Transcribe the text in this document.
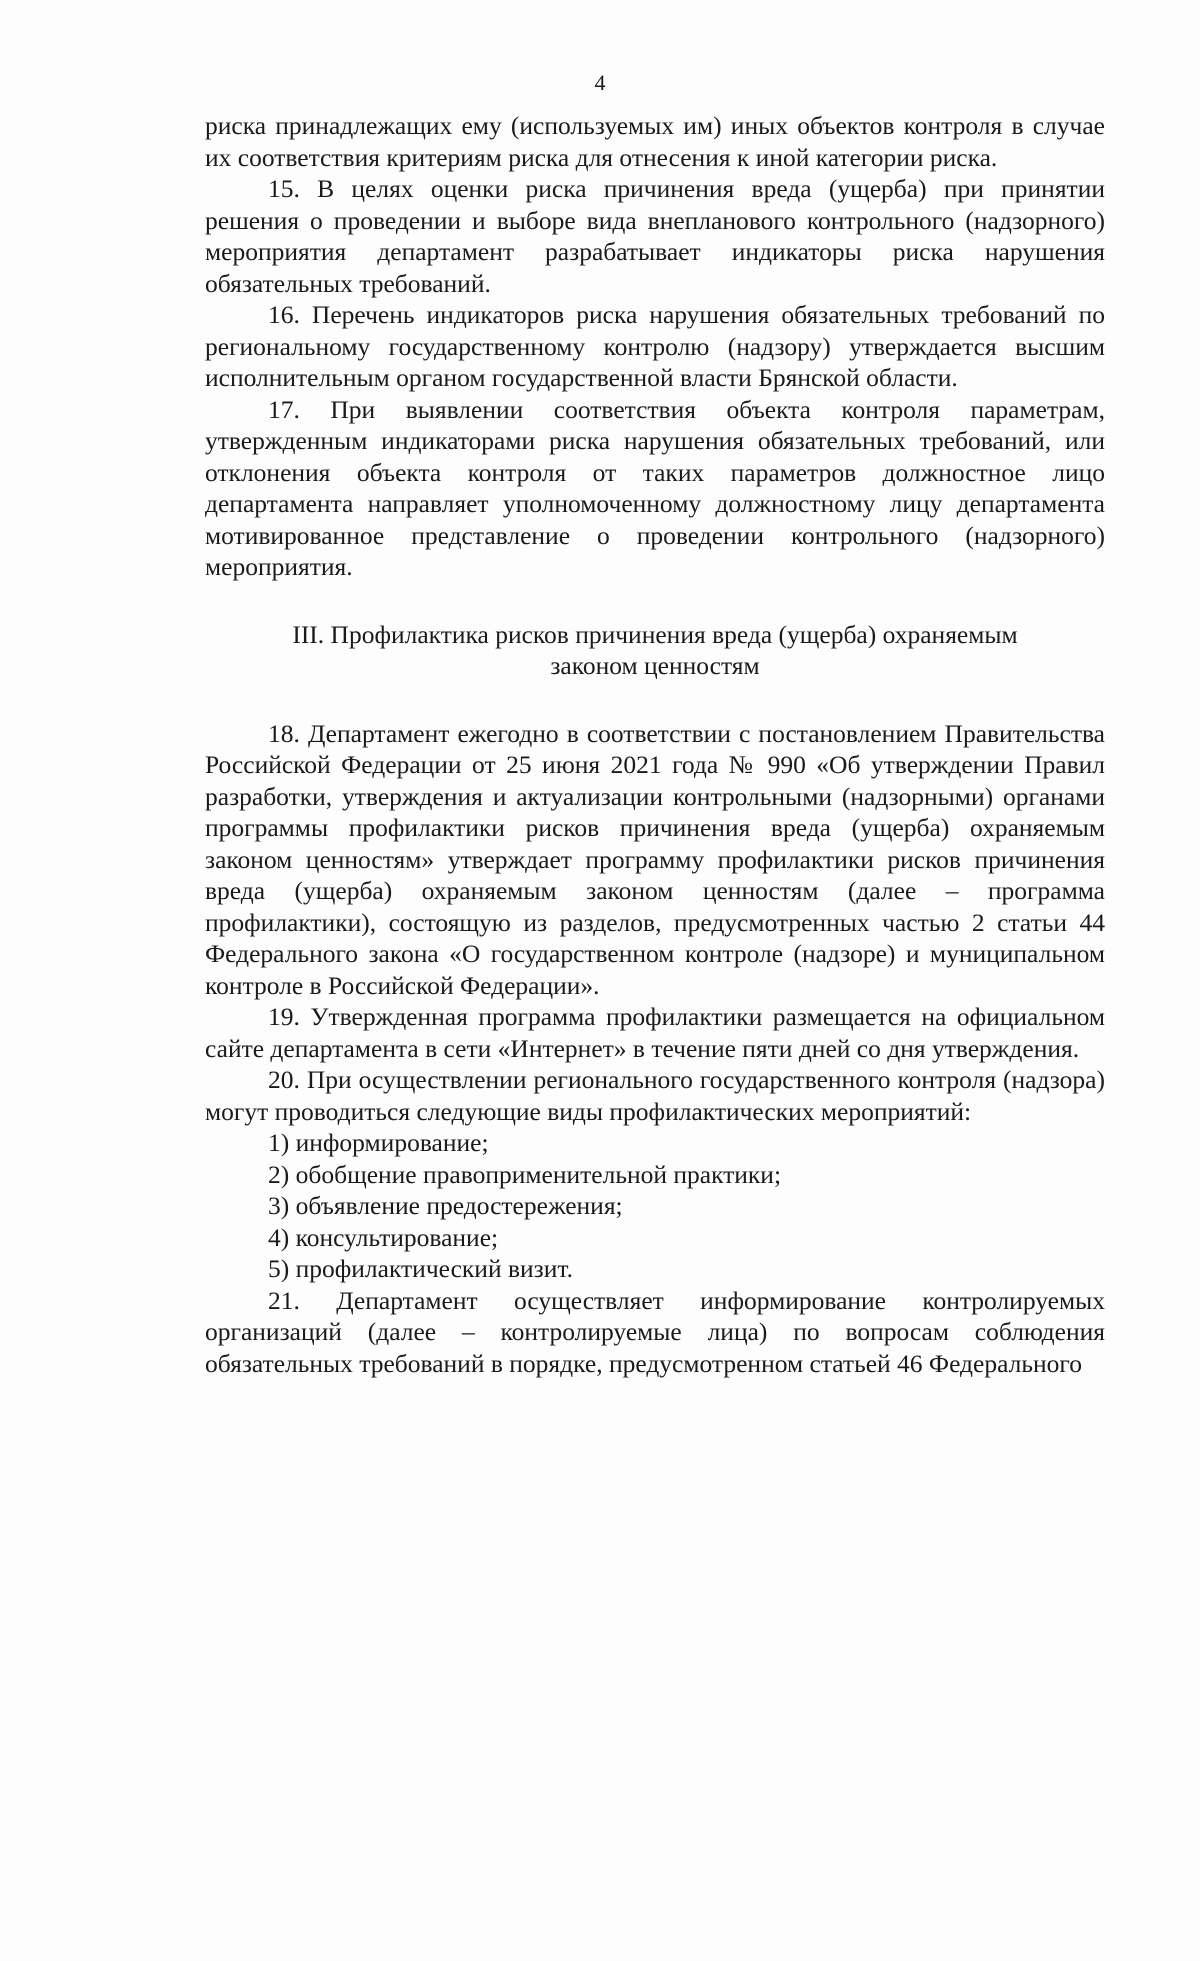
4

риска принадлежащих ему (используемых им) иных объектов контроля в случае их соответствия критериям риска для отнесения к иной категории риска.

15. В целях оценки риска причинения вреда (ущерба) при принятии решения о проведении и выборе вида внепланового контрольного (надзорного) мероприятия департамент разрабатывает индикаторы риска нарушения обязательных требований.

16. Перечень индикаторов риска нарушения обязательных требований по региональному государственному контролю (надзору) утверждается высшим исполнительным органом государственной власти Брянской области.

17. При выявлении соответствия объекта контроля параметрам, утвержденным индикаторами риска нарушения обязательных требований, или отклонения объекта контроля от таких параметров должностное лицо департамента направляет уполномоченному должностному лицу департамента мотивированное представление о проведении контрольного (надзорного) мероприятия.

III. Профилактика рисков причинения вреда (ущерба) охраняемым
законом ценностям

18. Департамент ежегодно в соответствии с постановлением Правительства Российской Федерации от 25 июня 2021 года № 990 «Об утверждении Правил разработки, утверждения и актуализации контрольными (надзорными) органами программы профилактики рисков причинения вреда (ущерба) охраняемым законом ценностям» утверждает программу профилактики рисков причинения вреда (ущерба) охраняемым законом ценностям (далее – программа профилактики), состоящую из разделов, предусмотренных частью 2 статьи 44 Федерального закона «О государственном контроле (надзоре) и муниципальном контроле в Российской Федерации».

19. Утвержденная программа профилактики размещается на официальном сайте департамента в сети «Интернет» в течение пяти дней со дня утверждения.

20. При осуществлении регионального государственного контроля (надзора) могут проводиться следующие виды профилактических мероприятий:

1) информирование;

2) обобщение правоприменительной практики;

3) объявление предостережения;

4) консультирование;

5) профилактический визит.

21. Департамент осуществляет информирование контролируемых организаций (далее – контролируемые лица) по вопросам соблюдения обязательных требований в порядке, предусмотренном статьей 46 Федерального
